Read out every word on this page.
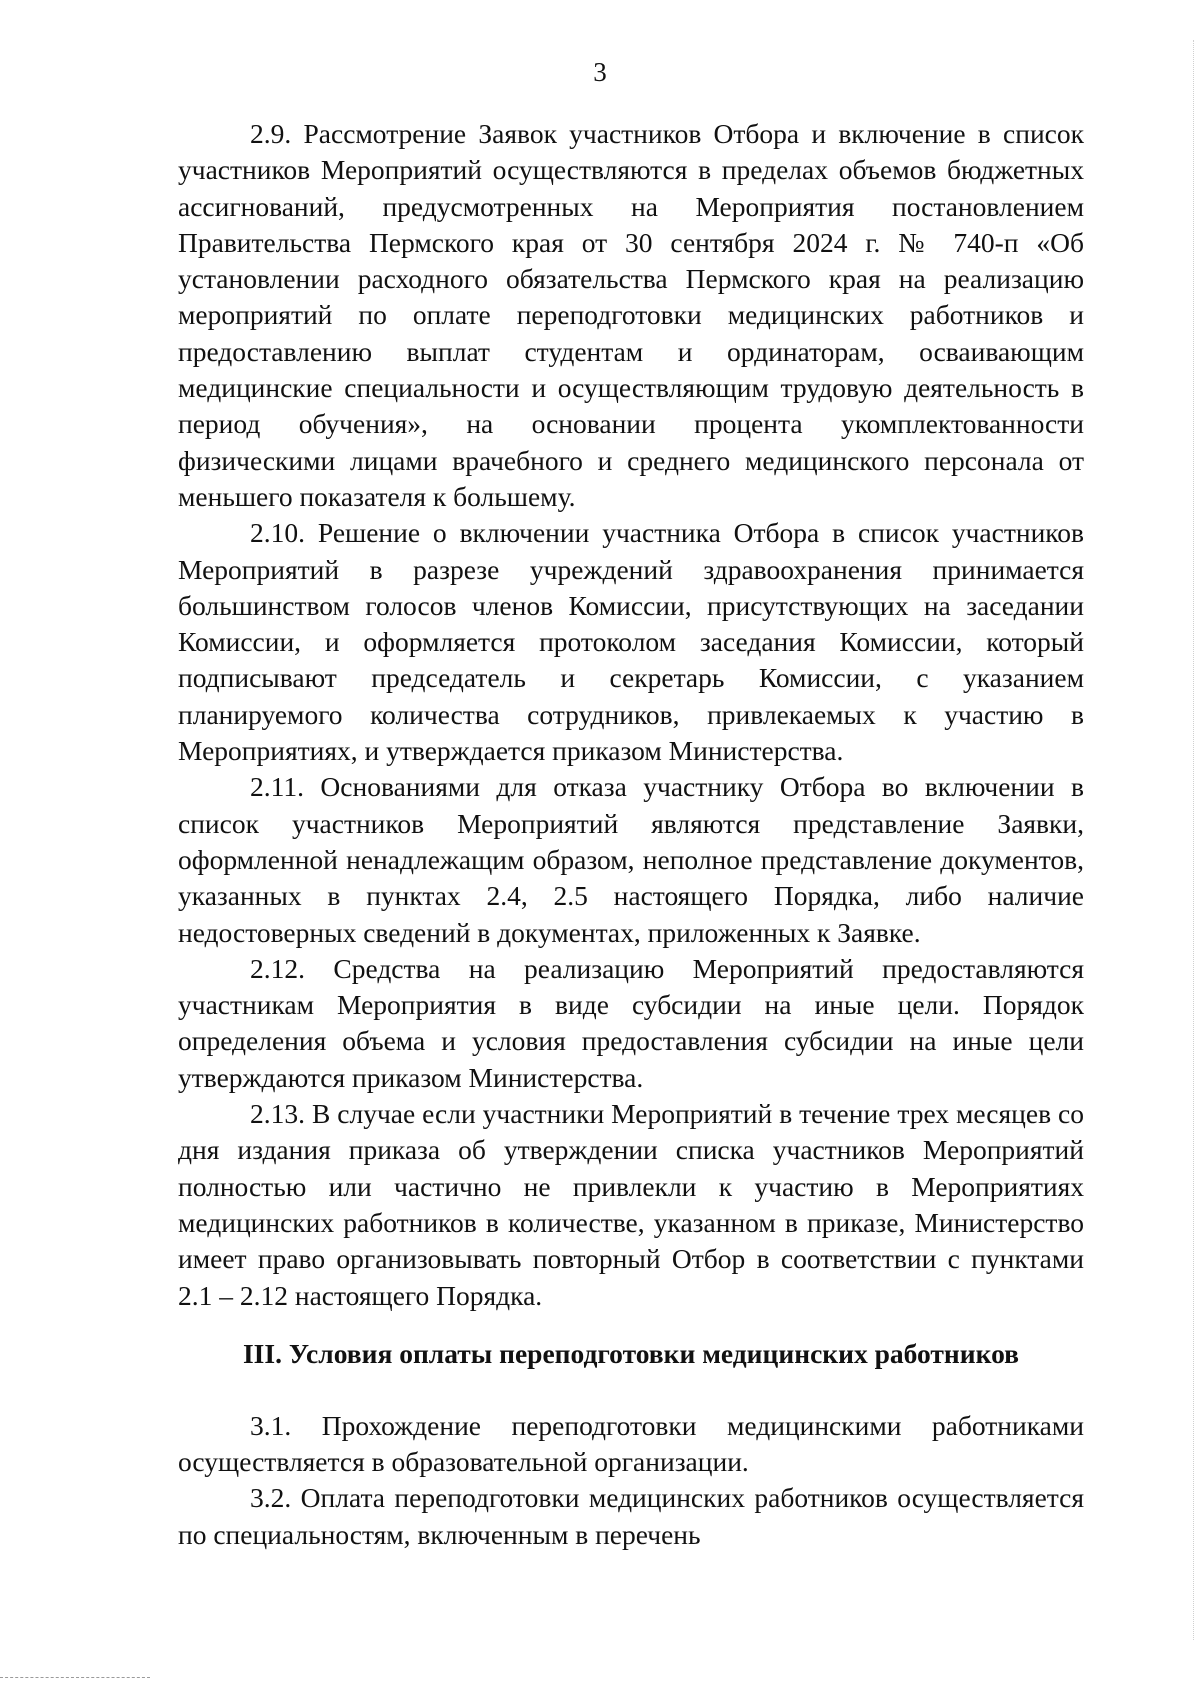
3

2.9. Рассмотрение Заявок участников Отбора и включение в список участников Мероприятий осуществляются в пределах объемов бюджетных ассигнований, предусмотренных на Мероприятия постановлением Правительства Пермского края от 30 сентября 2024 г. № 740-п «Об установлении расходного обязательства Пермского края на реализацию мероприятий по оплате переподготовки медицинских работников и предоставлению выплат студентам и ординаторам, осваивающим медицинские специальности и осуществляющим трудовую деятельность в период обучения», на основании процента укомплектованности физическими лицами врачебного и среднего медицинского персонала от меньшего показателя к большему.

2.10. Решение о включении участника Отбора в список участников Мероприятий в разрезе учреждений здравоохранения принимается большинством голосов членов Комиссии, присутствующих на заседании Комиссии, и оформляется протоколом заседания Комиссии, который подписывают председатель и секретарь Комиссии, с указанием планируемого количества сотрудников, привлекаемых к участию в Мероприятиях, и утверждается приказом Министерства.

2.11. Основаниями для отказа участнику Отбора во включении в список участников Мероприятий являются представление Заявки, оформленной ненадлежащим образом, неполное представление документов, указанных в пунктах 2.4, 2.5 настоящего Порядка, либо наличие недостоверных сведений в документах, приложенных к Заявке.

2.12. Средства на реализацию Мероприятий предоставляются участникам Мероприятия в виде субсидии на иные цели. Порядок определения объема и условия предоставления субсидии на иные цели утверждаются приказом Министерства.

2.13. В случае если участники Мероприятий в течение трех месяцев со дня издания приказа об утверждении списка участников Мероприятий полностью или частично не привлекли к участию в Мероприятиях медицинских работников в количестве, указанном в приказе, Министерство имеет право организовывать повторный Отбор в соответствии с пунктами 2.1 – 2.12 настоящего Порядка.

III. Условия оплаты переподготовки медицинских работников

3.1. Прохождение переподготовки медицинскими работниками осуществляется в образовательной организации.

3.2. Оплата переподготовки медицинских работников осуществляется по специальностям, включенным в перечень
